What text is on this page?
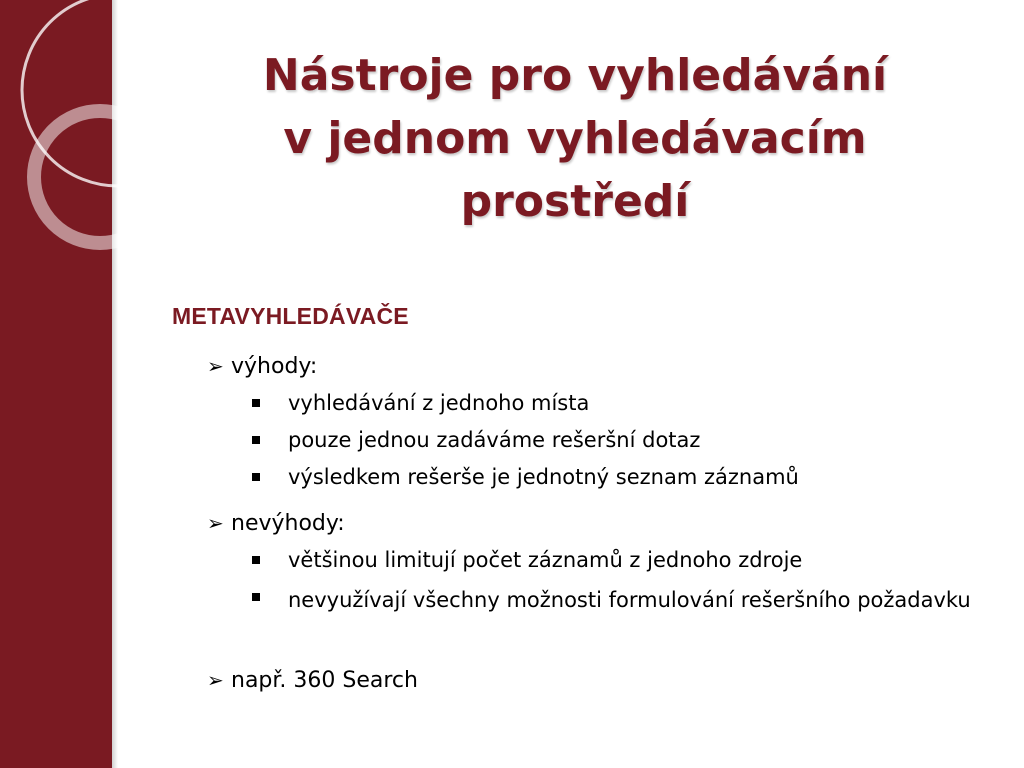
Nástroje pro vyhledávání
v jednom vyhledávacím
prostředí
METAVYHLEDÁVAČE
➢ výhody:
vyhledávání z jednoho místa
pouze jednou zadáváme rešeršní dotaz
výsledkem rešerše je jednotný seznam záznamů
➢ nevýhody:
většinou limitují počet záznamů z jednoho zdroje
nevyužívají všechny možnosti formulování rešeršního požadavku
➢ např. 360 Search
